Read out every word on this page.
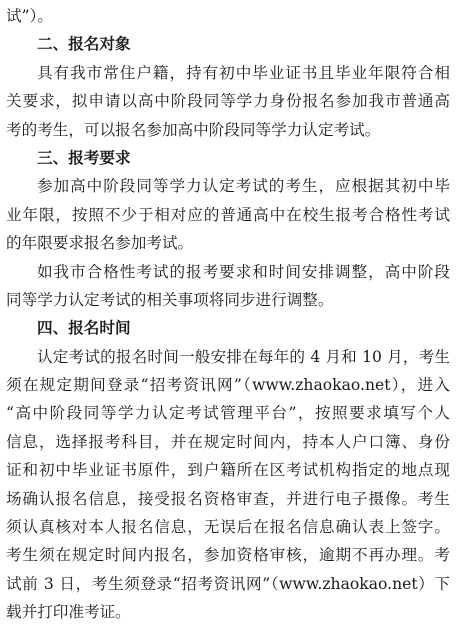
试”）。
二、报名对象
具有我市常住户籍，持有初中毕业证书且毕业年限符合相
关要求，拟申请以高中阶段同等学力身份报名参加我市普通高
考的考生，可以报名参加高中阶段同等学力认定考试。
三、报考要求
参加高中阶段同等学力认定考试的考生，应根据其初中毕
业年限，按照不少于相对应的普通高中在校生报考合格性考试
的年限要求报名参加考试。
如我市合格性考试的报考要求和时间安排调整，高中阶段
同等学力认定考试的相关事项将同步进行调整。
四、报名时间
认定考试的报名时间一般安排在每年的 4 月和 10 月，考生
须在规定期间登录“招考资讯网”（www.zhaokao.net），进入
“高中阶段同等学力认定考试管理平台”，按照要求填写个人
信息，选择报考科目，并在规定时间内，持本人户口簿、身份
证和初中毕业证书原件，到户籍所在区考试机构指定的地点现
场确认报名信息，接受报名资格审查，并进行电子摄像。考生
须认真核对本人报名信息，无误后在报名信息确认表上签字。
考生须在规定时间内报名，参加资格审核，逾期不再办理。考
试前 3 日，考生须登录“招考资讯网”（www.zhaokao.net）下
载并打印准考证。
